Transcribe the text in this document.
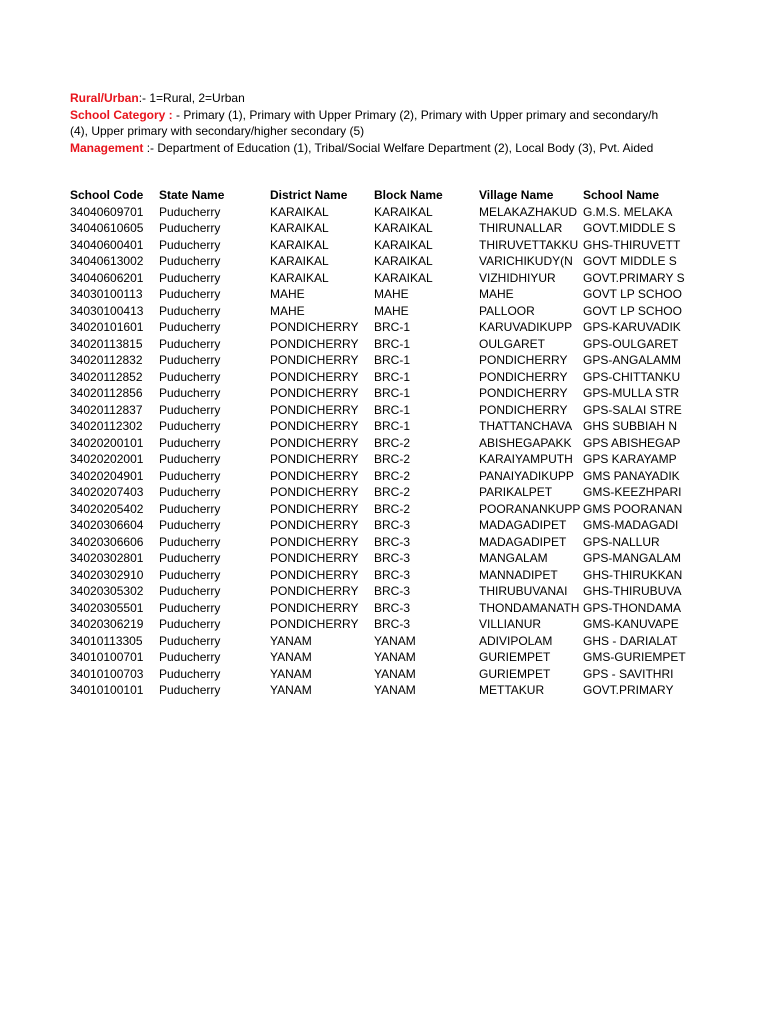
Rural/Urban:- 1=Rural, 2=Urban
School Category : - Primary (1), Primary with Upper Primary (2), Primary with Upper primary and secondary/h
(4), Upper primary with secondary/higher secondary (5)
Management :- Department of Education (1), Tribal/Social Welfare Department (2), Local Body (3), Pvt. Aided
School Code	State Name	District Name	Block Name	Village Name	School Name
34040609701	Puducherry	KARAIKAL	KARAIKAL	MELAKAZHAKUD	G.M.S. MELAKA
34040610605	Puducherry	KARAIKAL	KARAIKAL	THIRUNALLAR	GOVT.MIDDLE S
34040600401	Puducherry	KARAIKAL	KARAIKAL	THIRUVETTAKKU	GHS-THIRUVETT
34040613002	Puducherry	KARAIKAL	KARAIKAL	VARICHIKUDY(N	GOVT MIDDLE S
34040606201	Puducherry	KARAIKAL	KARAIKAL	VIZHIDHIYUR	GOVT.PRIMARY S
34030100113	Puducherry	MAHE	MAHE	MAHE	GOVT LP SCHOO
34030100413	Puducherry	MAHE	MAHE	PALLOOR	GOVT LP SCHOO
34020101601	Puducherry	PONDICHERRY	BRC-1	KARUVADIKUPP	GPS-KARUVADIK
34020113815	Puducherry	PONDICHERRY	BRC-1	OULGARET	GPS-OULGARET
34020112832	Puducherry	PONDICHERRY	BRC-1	PONDICHERRY	GPS-ANGALAMM
34020112852	Puducherry	PONDICHERRY	BRC-1	PONDICHERRY	GPS-CHITTANKU
34020112856	Puducherry	PONDICHERRY	BRC-1	PONDICHERRY	GPS-MULLA STR
34020112837	Puducherry	PONDICHERRY	BRC-1	PONDICHERRY	GPS-SALAI STRE
34020112302	Puducherry	PONDICHERRY	BRC-1	THATTANCHAVA	GHS SUBBIAH N
34020200101	Puducherry	PONDICHERRY	BRC-2	ABISHEGAPAKK	GPS ABISHEGAP
34020202001	Puducherry	PONDICHERRY	BRC-2	KARAIYAMPUTH	GPS KARAYAMP
34020204901	Puducherry	PONDICHERRY	BRC-2	PANAIYADIKUPP	GMS PANAYADIK
34020207403	Puducherry	PONDICHERRY	BRC-2	PARIKALPET	GMS-KEEZHPARI
34020205402	Puducherry	PONDICHERRY	BRC-2	POORANANKUPP	GMS POORANAN
34020306604	Puducherry	PONDICHERRY	BRC-3	MADAGADIPET	GMS-MADAGADI
34020306606	Puducherry	PONDICHERRY	BRC-3	MADAGADIPET	GPS-NALLUR
34020302801	Puducherry	PONDICHERRY	BRC-3	MANGALAM	GPS-MANGALAM
34020302910	Puducherry	PONDICHERRY	BRC-3	MANNADIPET	GHS-THIRUKKAN
34020305302	Puducherry	PONDICHERRY	BRC-3	THIRUBUVANAI	GHS-THIRUBUVA
34020305501	Puducherry	PONDICHERRY	BRC-3	THONDAMANATH	GPS-THONDAMA
34020306219	Puducherry	PONDICHERRY	BRC-3	VILLIANUR	GMS-KANUVAPE
34010113305	Puducherry	YANAM	YANAM	ADIVIPOLAM	GHS - DARIALAT
34010100701	Puducherry	YANAM	YANAM	GURIEMPET	GMS-GURIEMPET
34010100703	Puducherry	YANAM	YANAM	GURIEMPET	GPS - SAVITHRI
34010100101	Puducherry	YANAM	YANAM	METTAKUR	GOVT.PRIMARY
